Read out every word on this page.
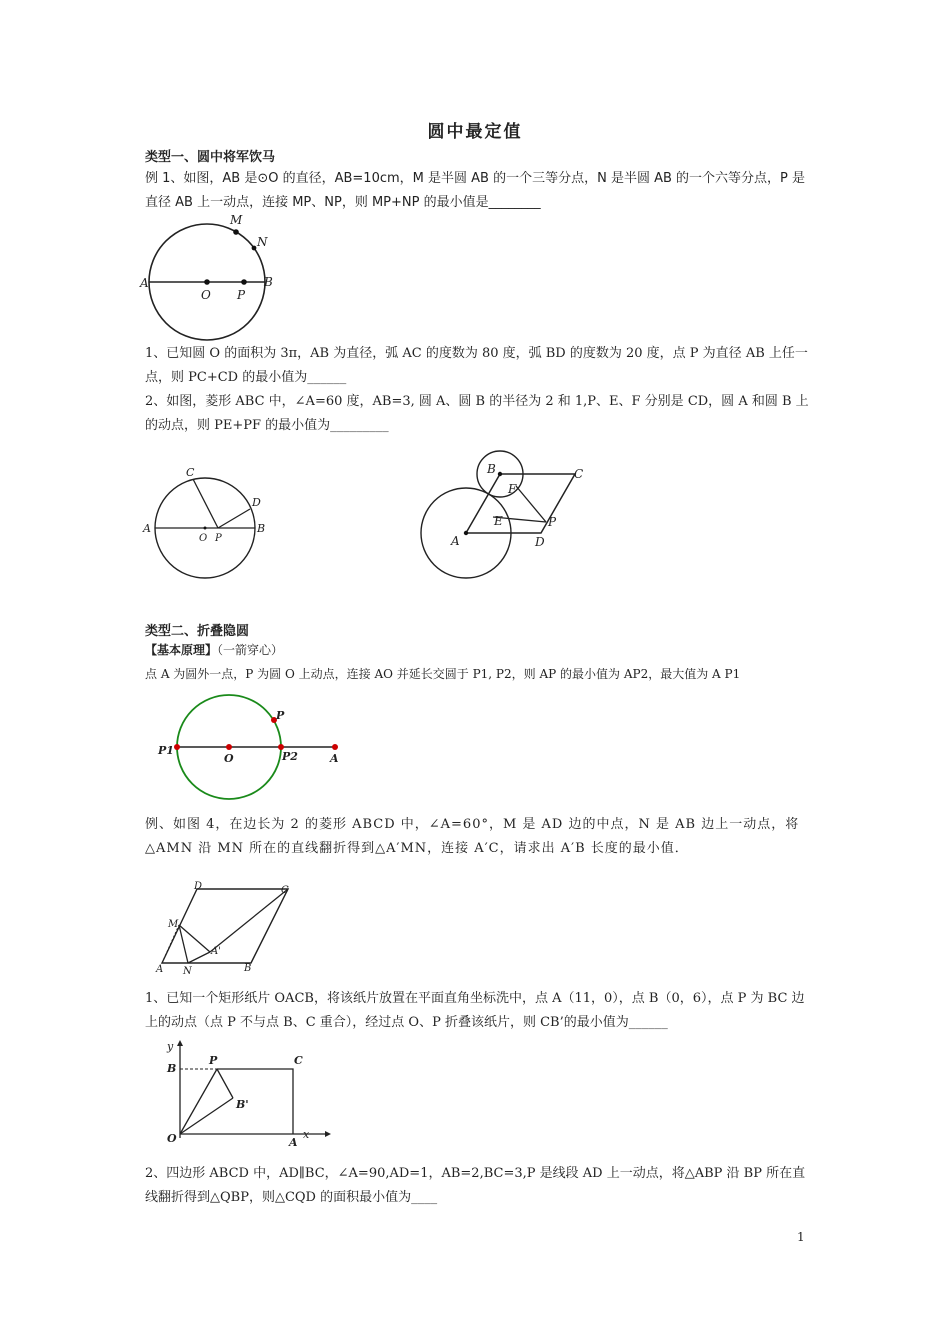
圆中最定值
类型一、圆中将军饮马
例 1、如图，AB 是⊙O 的直径，AB=10cm，M 是半圆 AB 的一个三等分点，N 是半圆 AB 的一个六等分点，P 是直径 AB 上一动点，连接 MP、NP，则 MP+NP 的最小值是________
A	B
O P
M
N
1、已知圆 O 的面积为 3π，AB 为直径，弧 AC 的度数为 80 度，弧 BD 的度数为 20 度，点 P 为直径 AB 上任一点，则 PC+CD 的最小值为______
2、如图，菱形 ABC 中，∠A=60 度，AB=3, 圆 A、圆 B 的半径为 2 和 1,P、E、F 分别是 CD，圆 A 和圆 B 上的动点，则 PE+PF 的最小值为_________
A	B
C
D
O P
B	C
F
E	P
A	D
类型二、折叠隐圆
【基本原理】（一箭穿心）
点 A 为圆外一点，P 为圆 O 上动点，连接 AO 并延长交圆于 P1, P2，则 AP 的最小值为 AP2，最大值为 A P1
P1
O	P2	A
P
例、如图 4，在边长为 2 的菱形 ABCD 中，∠A=60°，M 是 AD 边的中点，N 是 AB 边上一动点，将△AMN 沿 MN 所在的直线翻折得到△A′MN，连接 A′C，请求出 A′B 长度的最小值．
D	C
M
A'
A N	B
1、已知一个矩形纸片 OACB，将该纸片放置在平面直角坐标洗中，点 A（11，0），点 B（0，6），点 P 为 BC 边上的动点（点 P 不与点 B、C 重合），经过点 O、P 折叠该纸片，则 CB’的最小值为______
y
x
B
P	C
B'
O	A
2、四边形 ABCD 中，AD∥BC，∠A=90,AD=1，AB=2,BC=3,P 是线段 AD 上一动点，将△ABP 沿 BP 所在直线翻折得到△QBP，则△CQD 的面积最小值为____
1
